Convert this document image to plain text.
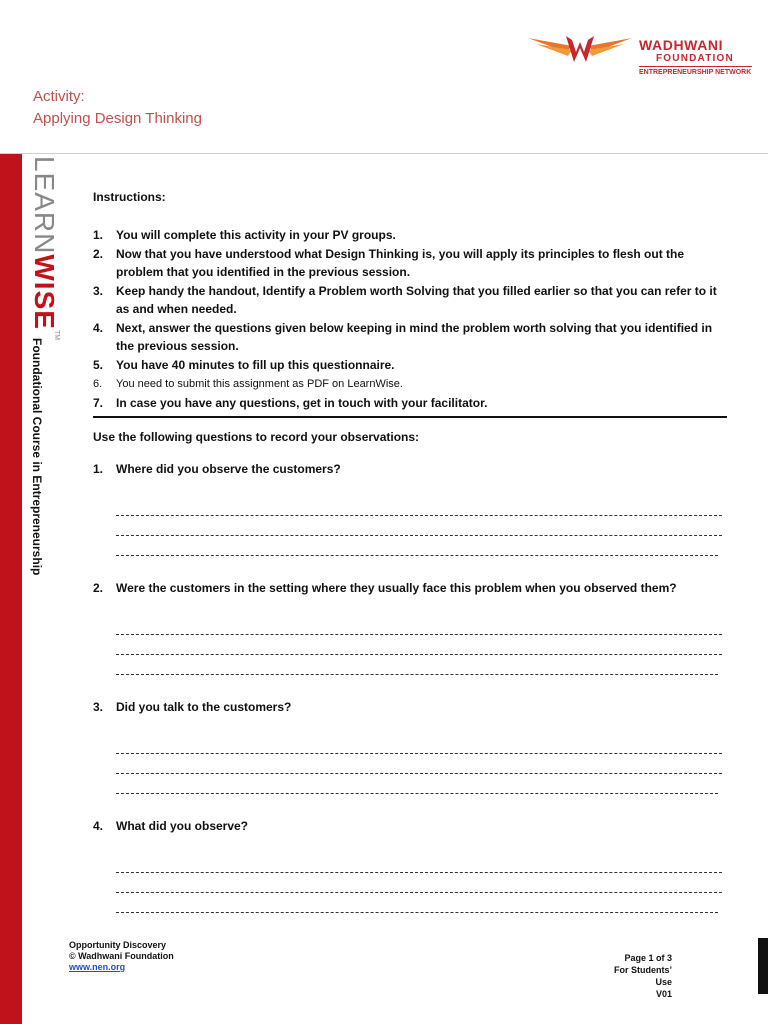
WADHWANI
FOUNDATION
ENTREPRENEURSHIP NETWORK
Activity:
Applying Design Thinking
LEARNWISE™
Foundational Course in Entrepreneurship
Instructions:
1. You will complete this activity in your PV groups.
2. Now that you have understood what Design Thinking is, you will apply its principles to flesh out the problem that you identified in the previous session.
3. Keep handy the handout, Identify a Problem worth Solving that you filled earlier so that you can refer to it as and when needed.
4. Next, answer the questions given below keeping in mind the problem worth solving that you identified in the previous session.
5. You have 40 minutes to fill up this questionnaire.
6. You need to submit this assignment as PDF on LearnWise.
7. In case you have any questions, get in touch with your facilitator.
Use the following questions to record your observations:
1. Where did you observe the customers?
2. Were the customers in the setting where they usually face this problem when you observed them?
3. Did you talk to the customers?
4. What did you observe?
Opportunity Discovery
© Wadhwani Foundation
www.nen.org
Page 1 of 3
For Students’ Use
V01
